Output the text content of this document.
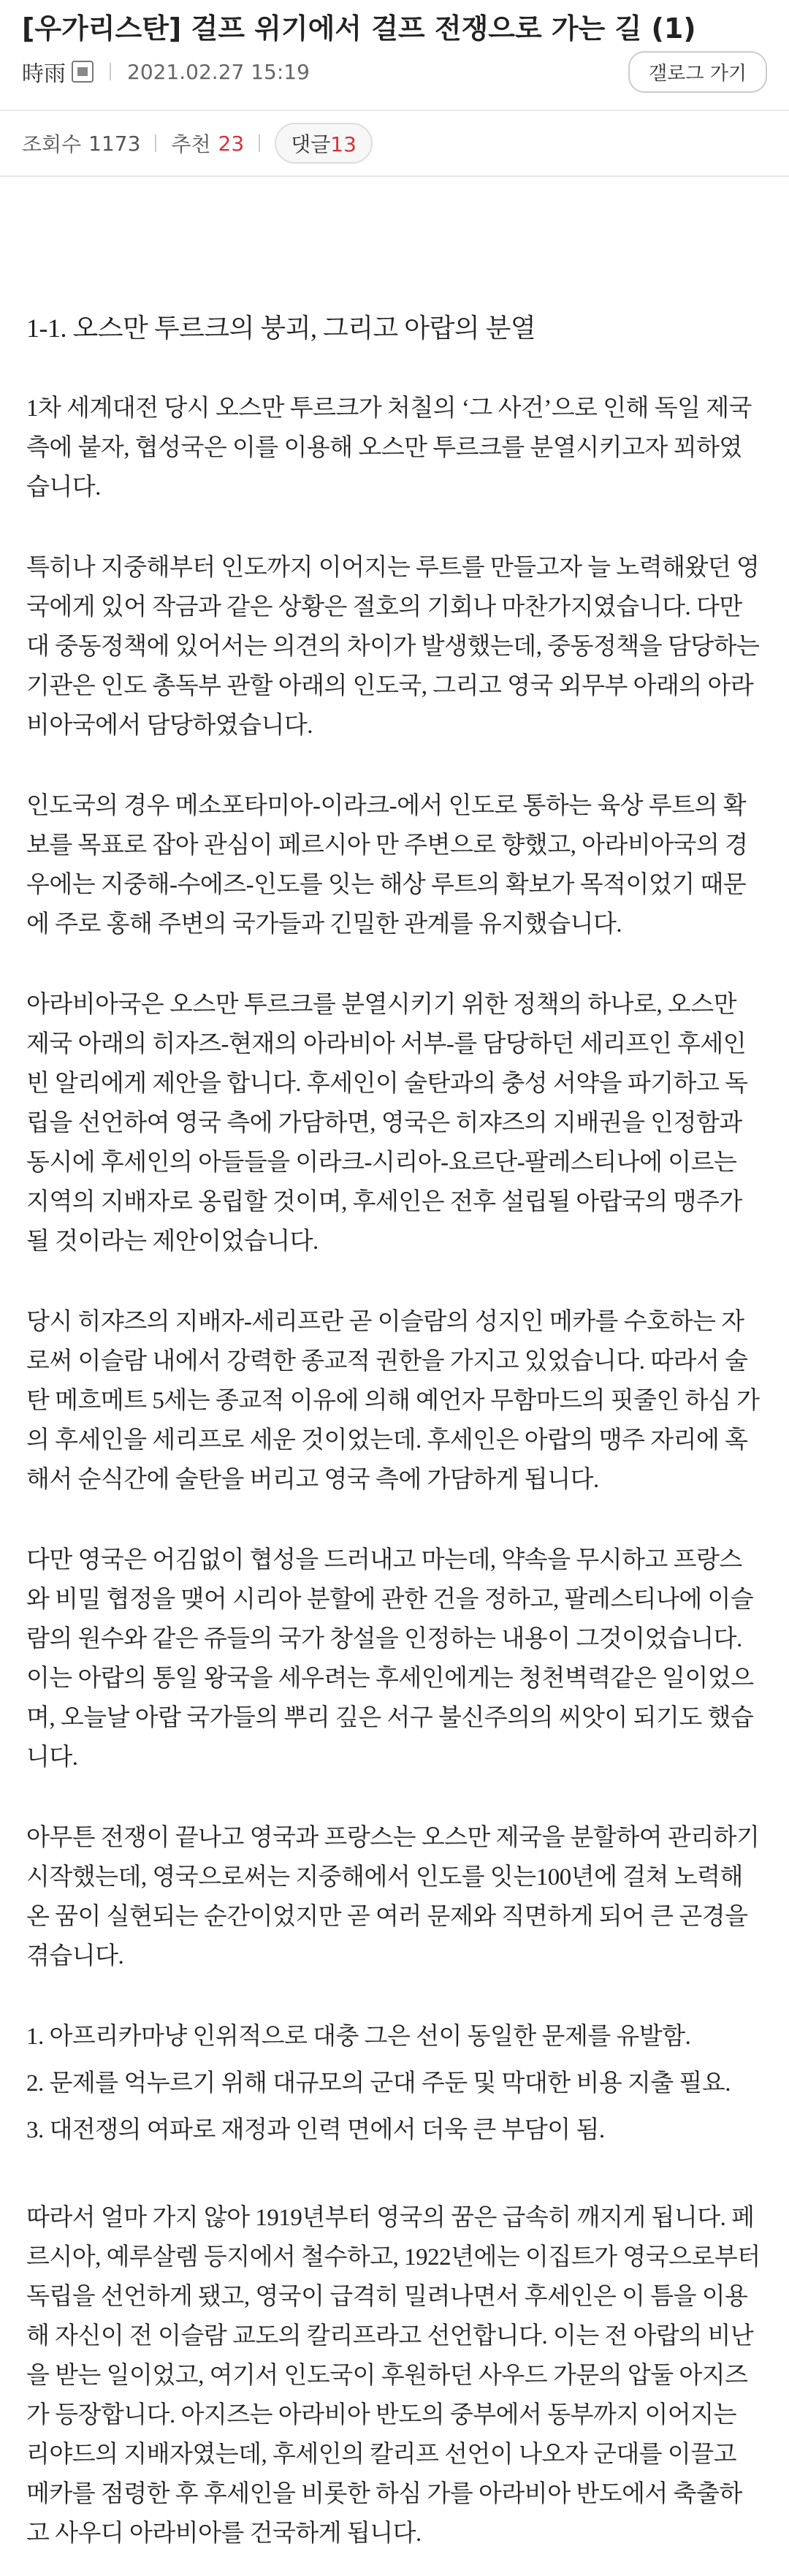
[우가리스탄] 걸프 위기에서 걸프 전쟁으로 가는 길 (1)
時雨	2021.02.27 15:19	갤로그 가기
조회수 1173 추천 23	댓글13

1-1. 오스만 투르크의 붕괴, 그리고 아랍의 분열

1차 세계대전 당시 오스만 투르크가 처칠의 ‘그 사건’으로 인해 독일 제국 측에 붙자, 협성국은 이를 이용해 오스만 투르크를 분열시키고자 꾀하였습니다.

특히나 지중해부터 인도까지 이어지는 루트를 만들고자 늘 노력해왔던 영국에게 있어 작금과 같은 상황은 절호의 기회나 마찬가지였습니다. 다만 대 중동정책에 있어서는 의견의 차이가 발생했는데, 중동정책을 담당하는 기관은 인도 총독부 관할 아래의 인도국, 그리고 영국 외무부 아래의 아라비아국에서 담당하였습니다.

인도국의 경우 메소포타미아-이라크-에서 인도로 통하는 육상 루트의 확보를 목표로 잡아 관심이 페르시아 만 주변으로 향했고, 아라비아국의 경우에는 지중해-수에즈-인도를 잇는 해상 루트의 확보가 목적이었기 때문에 주로 홍해 주변의 국가들과 긴밀한 관계를 유지했습니다.

아라비아국은 오스만 투르크를 분열시키기 위한 정책의 하나로, 오스만 제국 아래의 히자즈-현재의 아라비아 서부-를 담당하던 세리프인 후세인 빈 알리에게 제안을 합니다. 후세인이 술탄과의 충성 서약을 파기하고 독립을 선언하여 영국 측에 가담하면, 영국은 히쟈즈의 지배권을 인정함과 동시에 후세인의 아들들을 이라크-시리아-요르단-팔레스티나에 이르는 지역의 지배자로 옹립할 것이며, 후세인은 전후 설립될 아랍국의 맹주가 될 것이라는 제안이었습니다.

당시 히쟈즈의 지배자-세리프란 곧 이슬람의 성지인 메카를 수호하는 자로써 이슬람 내에서 강력한 종교적 권한을 가지고 있었습니다. 따라서 술탄 메흐메트 5세는 종교적 이유에 의해 예언자 무함마드의 핏줄인 하심 가의 후세인을 세리프로 세운 것이었는데. 후세인은 아랍의 맹주 자리에 혹해서 순식간에 술탄을 버리고 영국 측에 가담하게 됩니다.

다만 영국은 어김없이 협성을 드러내고 마는데, 약속을 무시하고 프랑스와 비밀 협정을 맺어 시리아 분할에 관한 건을 정하고, 팔레스티나에 이슬람의 원수와 같은 쥬들의 국가 창설을 인정하는 내용이 그것이었습니다.

이는 아랍의 통일 왕국을 세우려는 후세인에게는 청천벽력같은 일이었으며, 오늘날 아랍 국가들의 뿌리 깊은 서구 불신주의의 씨앗이 되기도 했습니다.

아무튼 전쟁이 끝나고 영국과 프랑스는 오스만 제국을 분할하여 관리하기 시작했는데, 영국으로써는 지중해에서 인도를 잇는100년에 걸쳐 노력해 온 꿈이 실현되는 순간이었지만 곧 여러 문제와 직면하게 되어 큰 곤경을 겪습니다.

1. 아프리카마냥 인위적으로 대충 그은 선이 동일한 문제를 유발함.

2. 문제를 억누르기 위해 대규모의 군대 주둔 및 막대한 비용 지출 필요.

3. 대전쟁의 여파로 재정과 인력 면에서 더욱 큰 부담이 됨.

따라서 얼마 가지 않아 1919년부터 영국의 꿈은 급속히 깨지게 됩니다. 페르시아, 예루살렘 등지에서 철수하고, 1922년에는 이집트가 영국으로부터 독립을 선언하게 됐고, 영국이 급격히 밀려나면서 후세인은 이 틈을 이용해 자신이 전 이슬람 교도의 칼리프라고 선언합니다. 이는 전 아랍의 비난을 받는 일이었고, 여기서 인도국이 후원하던 사우드 가문의 압둘 아지즈가 등장합니다. 아지즈는 아라비아 반도의 중부에서 동부까지 이어지는 리야드의 지배자였는데, 후세인의 칼리프 선언이 나오자 군대를 이끌고 메카를 점령한 후 후세인을 비롯한 하심 가를 아라비아 반도에서 축출하고 사우디 아라비아를 건국하게 됩니다.
